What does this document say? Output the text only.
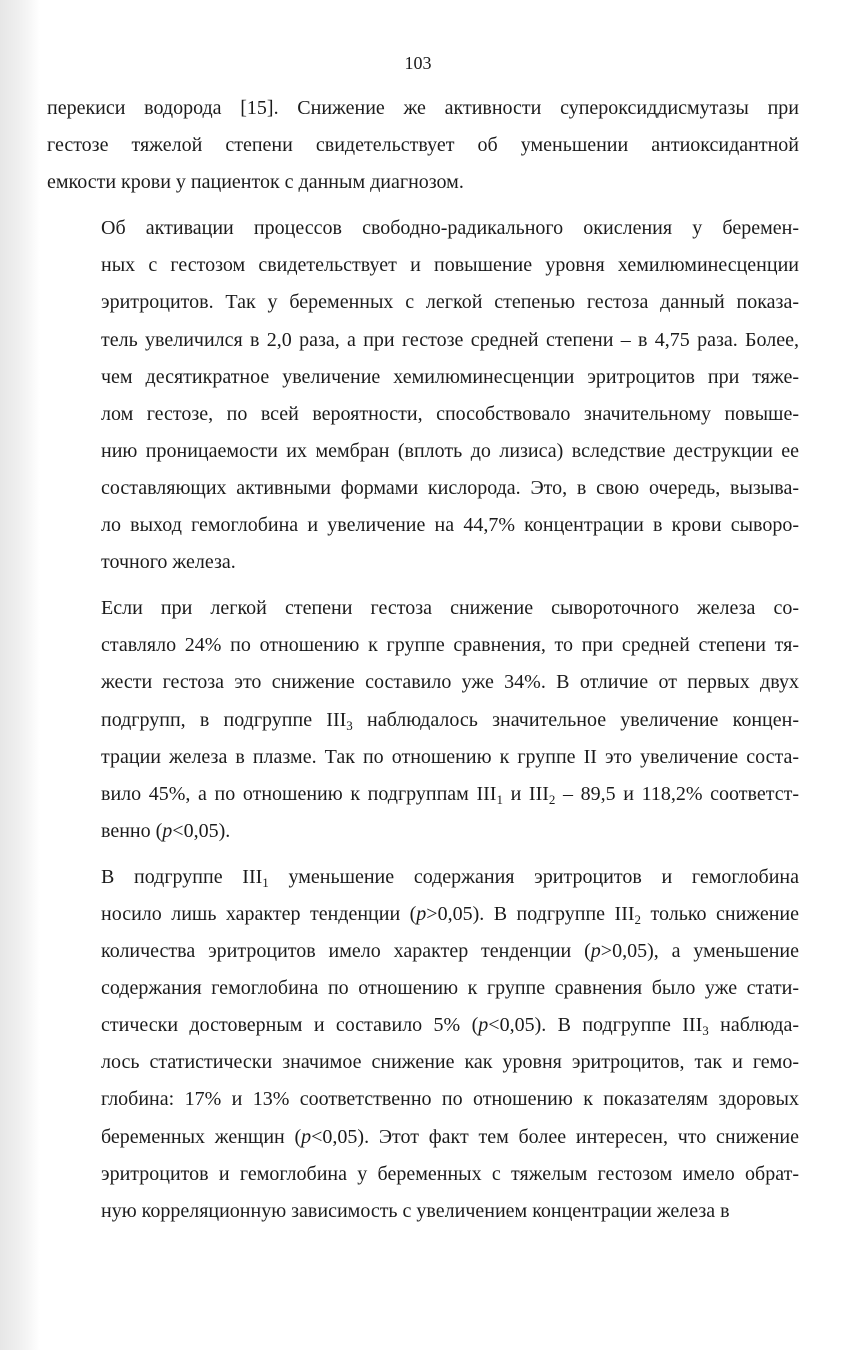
103

перекиси водорода [15]. Снижение же активности супероксиддисмутазы при
гестозе тяжелой степени свидетельствует об уменьшении антиоксидантной
емкости крови у пациенток с данным диагнозом.

Об активации процессов свободно-радикального окисления у беремен-
ных с гестозом свидетельствует и повышение уровня хемилюминесценции
эритроцитов. Так у беременных с легкой степенью гестоза данный показа-
тель увеличился в 2,0 раза, а при гестозе средней степени – в 4,75 раза. Более,
чем десятикратное увеличение хемилюминесценции эритроцитов при тяже-
лом гестозе, по всей вероятности, способствовало значительному повыше-
нию проницаемости их мембран (вплоть до лизиса) вследствие деструкции ее
составляющих активными формами кислорода. Это, в свою очередь, вызыва-
ло выход гемоглобина и увеличение на 44,7% концентрации в крови сыворо-
точного железа.

Если при легкой степени гестоза снижение сывороточного железа со-
ставляло 24% по отношению к группе сравнения, то при средней степени тя-
жести гестоза это снижение составило уже 34%. В отличие от первых двух
подгрупп, в подгруппе $III_3$ наблюдалось значительное увеличение концен-
трации железа в плазме. Так по отношению к группе II это увеличение соста-
вило 45%, а по отношению к подгруппам $III_1$ и $III_2 - 89,5$ и 118,2% соответст-
венно (p<0,05).

В подгруппе $III_1$ уменьшение содержания эритроцитов и гемоглобина
носило лишь характер тенденции (p>0,05). В подгруппе $III_2$ только снижение
количества эритроцитов имело характер тенденции (p>0,05), а уменьшение
содержания гемоглобина по отношению к группе сравнения было уже стати-
стически достоверным и составило 5% (p<0,05). В подгруппе $III_3$ наблюда-
лось статистически значимое снижение как уровня эритроцитов, так и гемо-
глобина: 17% и 13% соответственно по отношению к показателям здоровых
беременных женщин (p<0,05). Этот факт тем более интересен, что снижение
эритроцитов и гемоглобина у беременных с тяжелым гестозом имело обрат-
ную корреляционную зависимость с увеличением концентрации железа в
